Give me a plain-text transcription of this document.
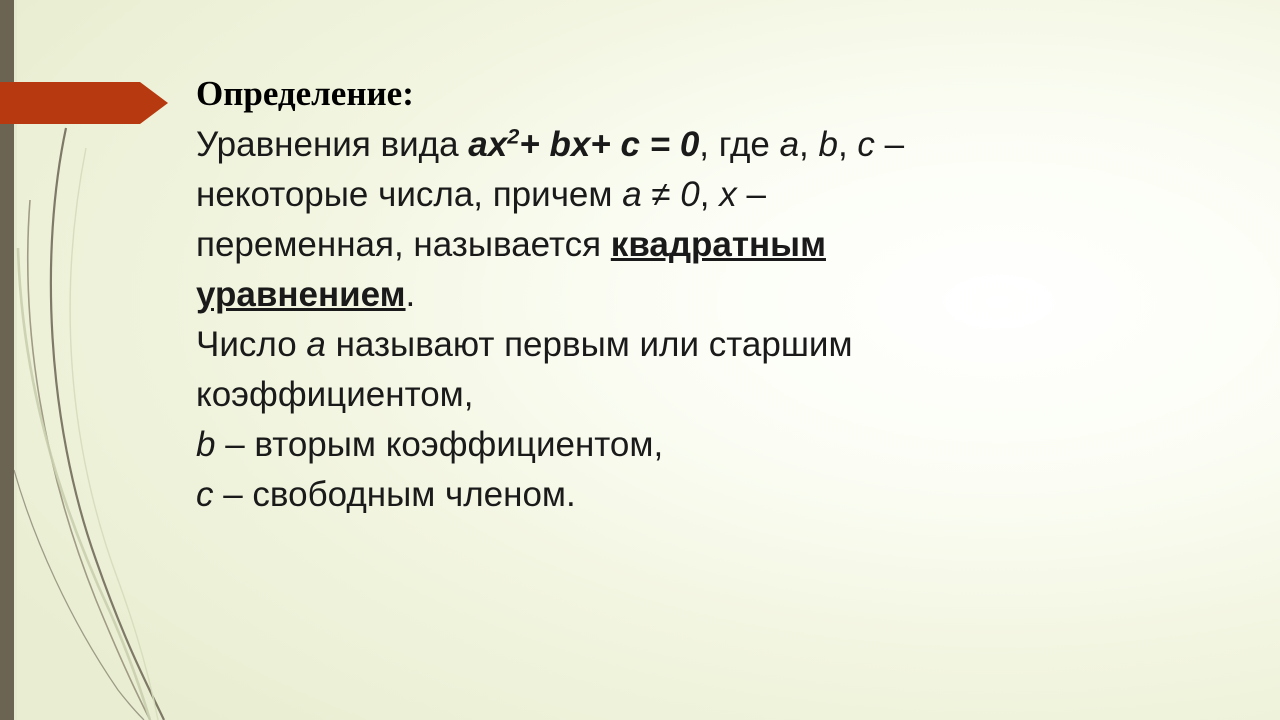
Определение:
Уравнения вида $ax^2+ bx+ c = 0$, где a, b, c –
некоторые числа, причем a ≠ 0, x –
переменная, называется квадратным
уравнением.
Число a называют первым или старшим
коэффициентом,
b – вторым коэффициентом,
c – свободным членом.
